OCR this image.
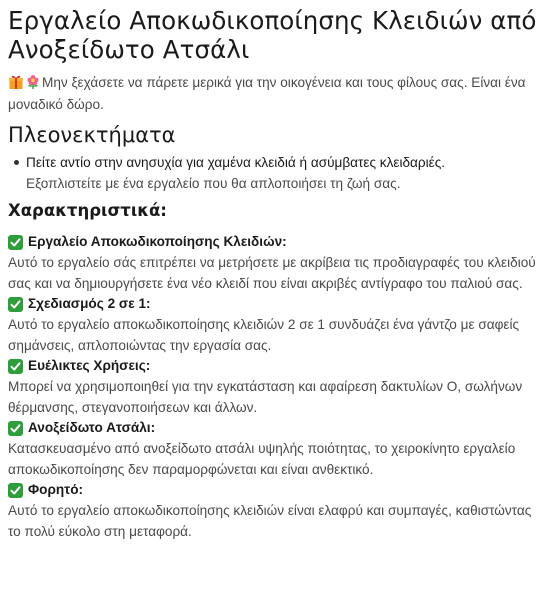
Εργαλείο Αποκωδικοποίησης Κλειδιών από Ανοξείδωτο Ατσάλι
Μην ξεχάσετε να πάρετε μερικά για την οικογένεια και τους φίλους σας. Είναι ένα μοναδικό δώρο.
Πλεονεκτήματα
Πείτε αντίο στην ανησυχία για χαμένα κλειδιά ή ασύμβατες κλειδαριές.
Εξοπλιστείτε με ένα εργαλείο που θα απλοποιήσει τη ζωή σας.
Χαρακτηριστικά:
Εργαλείο Αποκωδικοποίησης Κλειδιών:
Αυτό το εργαλείο σάς επιτρέπει να μετρήσετε με ακρίβεια τις προδιαγραφές του κλειδιού σας και να δημιουργήσετε ένα νέο κλειδί που είναι ακριβές αντίγραφο του παλιού σας.
Σχεδιασμός 2 σε 1:
Αυτό το εργαλείο αποκωδικοποίησης κλειδιών 2 σε 1 συνδυάζει ένα γάντζο με σαφείς σημάνσεις, απλοποιώντας την εργασία σας.
Ευέλικτες Χρήσεις:
Μπορεί να χρησιμοποιηθεί για την εγκατάσταση και αφαίρεση δακτυλίων O, σωλήνων θέρμανσης, στεγανοποιήσεων και άλλων.
Ανοξείδωτο Ατσάλι:
Κατασκευασμένο από ανοξείδωτο ατσάλι υψηλής ποιότητας, το χειροκίνητο εργαλείο αποκωδικοποίησης δεν παραμορφώνεται και είναι ανθεκτικό.
Φορητό:
Αυτό το εργαλείο αποκωδικοποίησης κλειδιών είναι ελαφρύ και συμπαγές, καθιστώντας το πολύ εύκολο στη μεταφορά.
